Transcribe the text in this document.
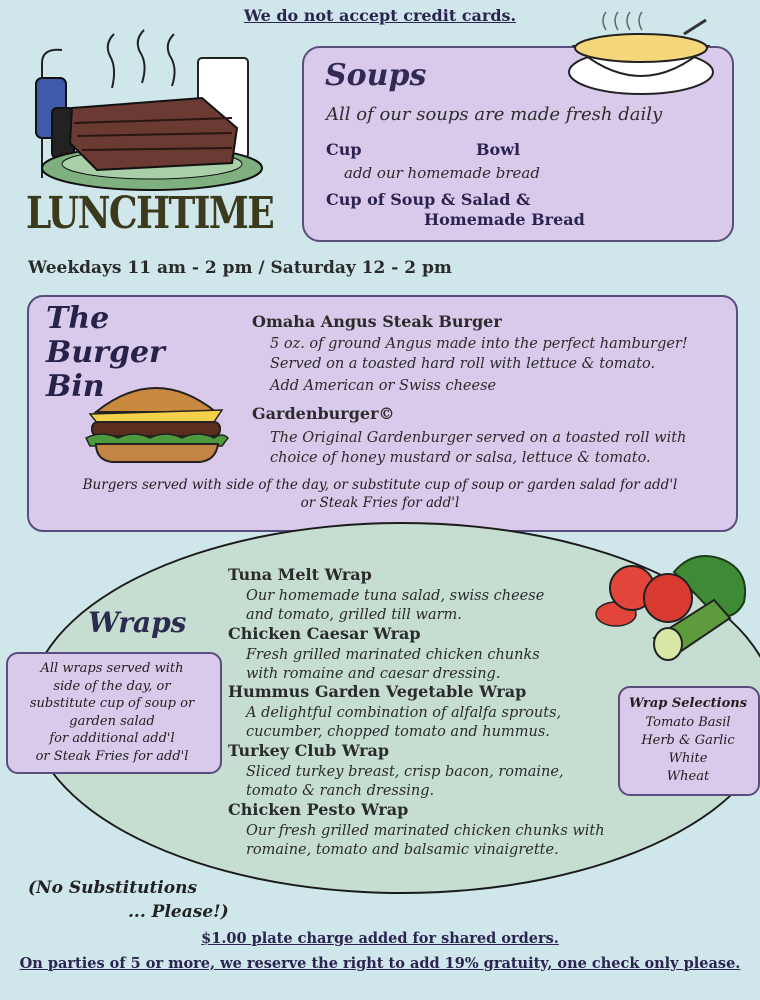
We do not accept credit cards.
LUNCHTIME
Weekdays 11 am - 2 pm / Saturday 12 - 2 pm
Soups
All of our soups are made fresh daily
Cup	Bowl
add our homemade bread
Cup of Soup & Salad &
Homemade Bread
The
Burger
Bin
Omaha Angus Steak Burger
5 oz. of ground Angus made into the perfect hamburger!
Served on a toasted hard roll with lettuce & tomato.
Add American or Swiss cheese
Gardenburger©
The Original Gardenburger served on a toasted roll with
choice of honey mustard or salsa, lettuce & tomato.
Burgers served with side of the day, or substitute cup of soup or garden salad for add'l
or Steak Fries for add'l
Wraps
All wraps served with
side of the day, or
substitute cup of soup or
garden salad
for additional add'l
or Steak Fries for add'l
Tuna Melt Wrap
Our homemade tuna salad, swiss cheese
and tomato, grilled till warm.
Chicken Caesar Wrap
Fresh grilled marinated chicken chunks
with romaine and caesar dressing.
Hummus Garden Vegetable Wrap
A delightful combination of alfalfa sprouts,
cucumber, chopped tomato and hummus.
Turkey Club Wrap
Sliced turkey breast, crisp bacon, romaine,
tomato & ranch dressing.
Chicken Pesto Wrap
Our fresh grilled marinated chicken chunks with
romaine, tomato and balsamic vinaigrette.
Wrap Selections
Tomato Basil
Herb & Garlic
White
Wheat
(No Substitutions
... Please!)
$1.00 plate charge added for shared orders.
On parties of 5 or more, we reserve the right to add 19% gratuity, one check only please.
